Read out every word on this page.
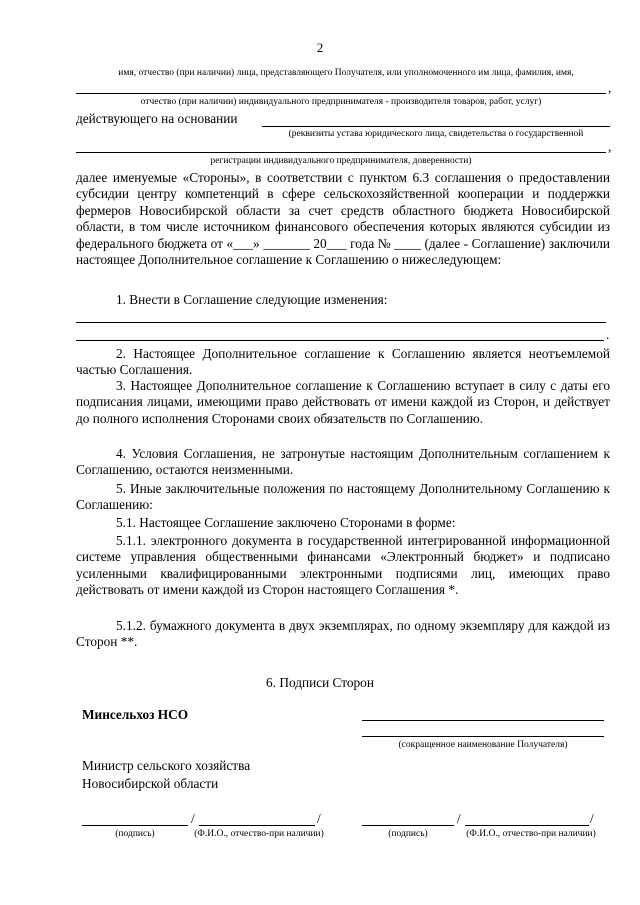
2
имя, отчество (при наличии) лица, представляющего Получателя, или уполномоченного им лица, фамилия, имя,
,
отчество (при наличии) индивидуального предпринимателя - производителя товаров, работ, услуг)
действующего на основании
(реквизиты устава юридического лица, свидетельства о государственной
,
регистрации индивидуального предпринимателя, доверенности)
далее именуемые «Стороны», в соответствии с пунктом 6.3 соглашения о предоставлении субсидии центру компетенций в сфере сельскохозяйственной кооперации и поддержки фермеров Новосибирской области за счет средств областного бюджета Новосибирской области, в том числе источником финансового обеспечения которых являются субсидии из федерального бюджета от «___» _______ 20___ года № ____ (далее - Соглашение) заключили настоящее Дополнительное соглашение к Соглашению о нижеследующем:
1. Внести в Соглашение следующие изменения:
.
2. Настоящее Дополнительное соглашение к Соглашению является неотъемлемой частью Соглашения.
3. Настоящее Дополнительное соглашение к Соглашению вступает в силу с даты его подписания лицами, имеющими право действовать от имени каждой из Сторон, и действует до полного исполнения Сторонами своих обязательств по Соглашению.
4. Условия Соглашения, не затронутые настоящим Дополнительным соглашением к Соглашению, остаются неизменными.
5. Иные заключительные положения по настоящему Дополнительному Соглашению к Соглашению:
5.1. Настоящее Соглашение заключено Сторонами в форме:
5.1.1. электронного документа в государственной интегрированной информационной системе управления общественными финансами «Электронный бюджет» и подписано усиленными квалифицированными электронными подписями лиц, имеющих право действовать от имени каждой из Сторон настоящего Соглашения *.
5.1.2. бумажного документа в двух экземплярах, по одному экземпляру для каждой из Сторон **.
6. Подписи Сторон
Минсельхоз НСО
(сокращенное наименование Получателя)
Министр сельского хозяйства
Новосибирской области
/	/
(подпись)	(Ф.И.О., отчество-при наличии)
/	/
(подпись)	(Ф.И.О., отчество-при наличии)
